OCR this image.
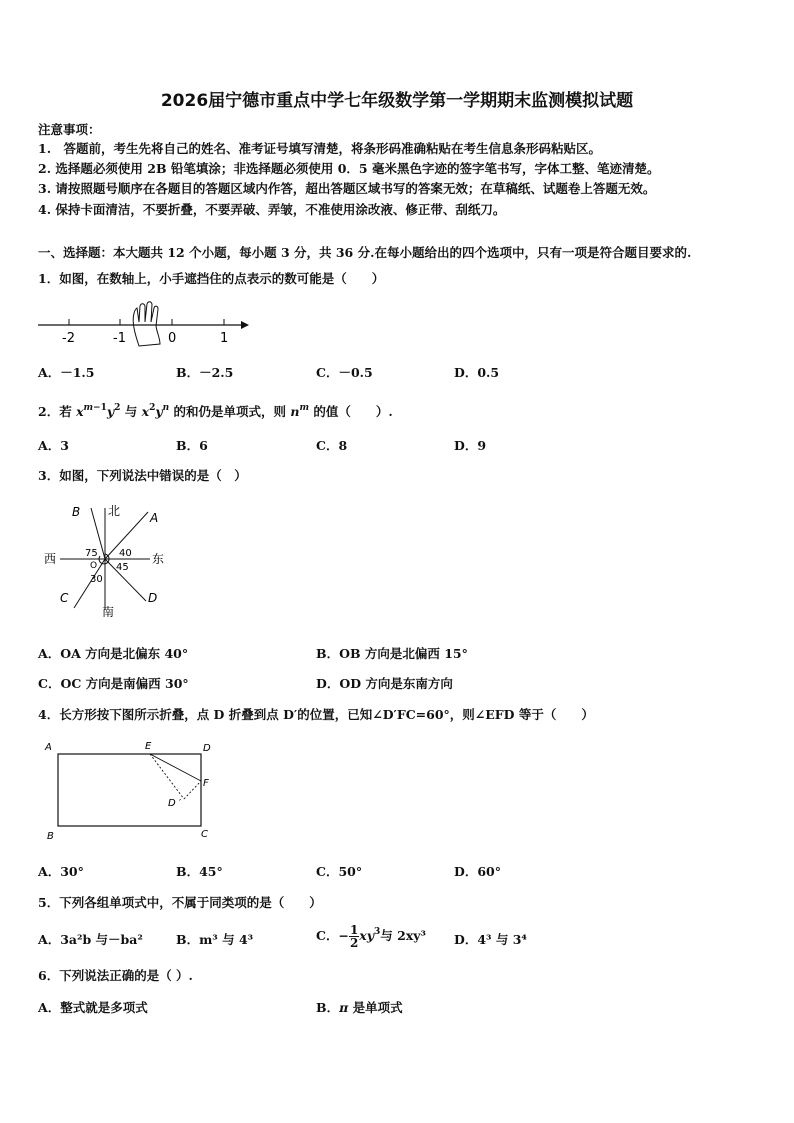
2026届宁德市重点中学七年级数学第一学期期末监测模拟试题
注意事项：
1.　答题前，考生先将自己的姓名、准考证号填写清楚，将条形码准确粘贴在考生信息条形码粘贴区。
2. 选择题必须使用 2B 铅笔填涂；非选择题必须使用 0．5 毫米黑色字迹的签字笔书写，字体工整、笔迹清楚。
3. 请按照题号顺序在各题目的答题区域内作答，超出答题区域书写的答案无效；在草稿纸、试题卷上答题无效。
4. 保持卡面清洁，不要折叠，不要弄破、弄皱，不准使用涂改液、修正带、刮纸刀。
一、选择题：本大题共 12 个小题，每小题 3 分，共 36 分.在每小题给出的四个选项中，只有一项是符合题目要求的.
1．如图，在数轴上，小手遮挡住的点表示的数可能是（　　）
-2	-1	0	1
A．－1.5	B．－2.5	C．－0.5	D．0.5
2．若 $x^{m-1}y^2$ 与 $x^2y^n$ 的和仍是单项式，则 $n^m$ 的值（　　）.
A．3	B．6	C．8	D．9
3．如图，下列说法中错误的是（　）
北
南
东
西
A
B
C	D
O
75 40
45
30
A．OA 方向是北偏东 40°	B．OB 方向是北偏西 15°
C．OC 方向是南偏西 30°	D．OD 方向是东南方向
4．长方形按下图所示折叠，点 D 折叠到点 D′的位置，已知∠D′FC=60°，则∠EFD 等于（　　）
A	E	D
F
D ′
B	C
A．30°	B．45°	C．50°	D．60°
5．下列各组单项式中，不属于同类项的是（　　）
A．3a²b 与－ba²	B．m³ 与 4³	C．− $\frac{1}{2} xy^3$与 2xy³ D．4³ 与 3⁴
6．下列说法正确的是（ ）.
A．整式就是多项式	B．π 是单项式
